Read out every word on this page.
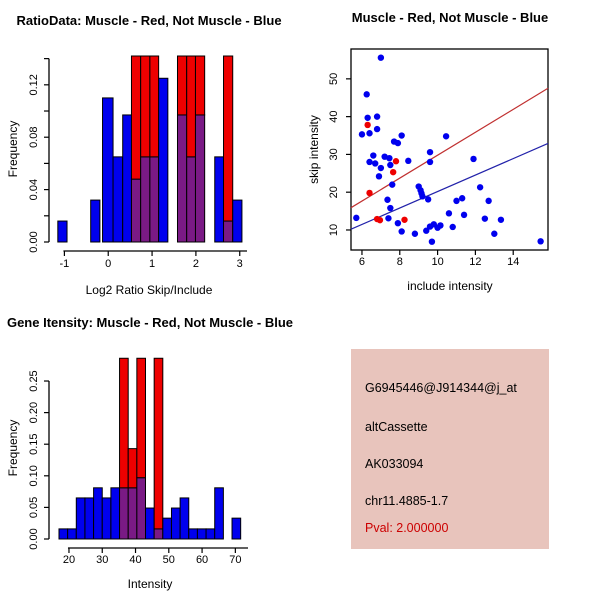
-1	0	1	2	3
0.00
0.04
0.08
0.12
RatioData: Muscle - Red, Not Muscle - Blue
Log2 Ratio Skip/Include
Frequency
6	8	10 12 14
10
20
30
40
50
Muscle - Red, Not Muscle - Blue
include intensity
skip intensity
20 30 40 50 60 70
0.00
0.05
0.10
0.15
0.20
0.25
Gene Itensity: Muscle - Red, Not Muscle - Blue
Intensity
Frequency
G6945446@J914344@j_at
altCassette
AK033094
chr11.4885-1.7
Pval: 2.000000
